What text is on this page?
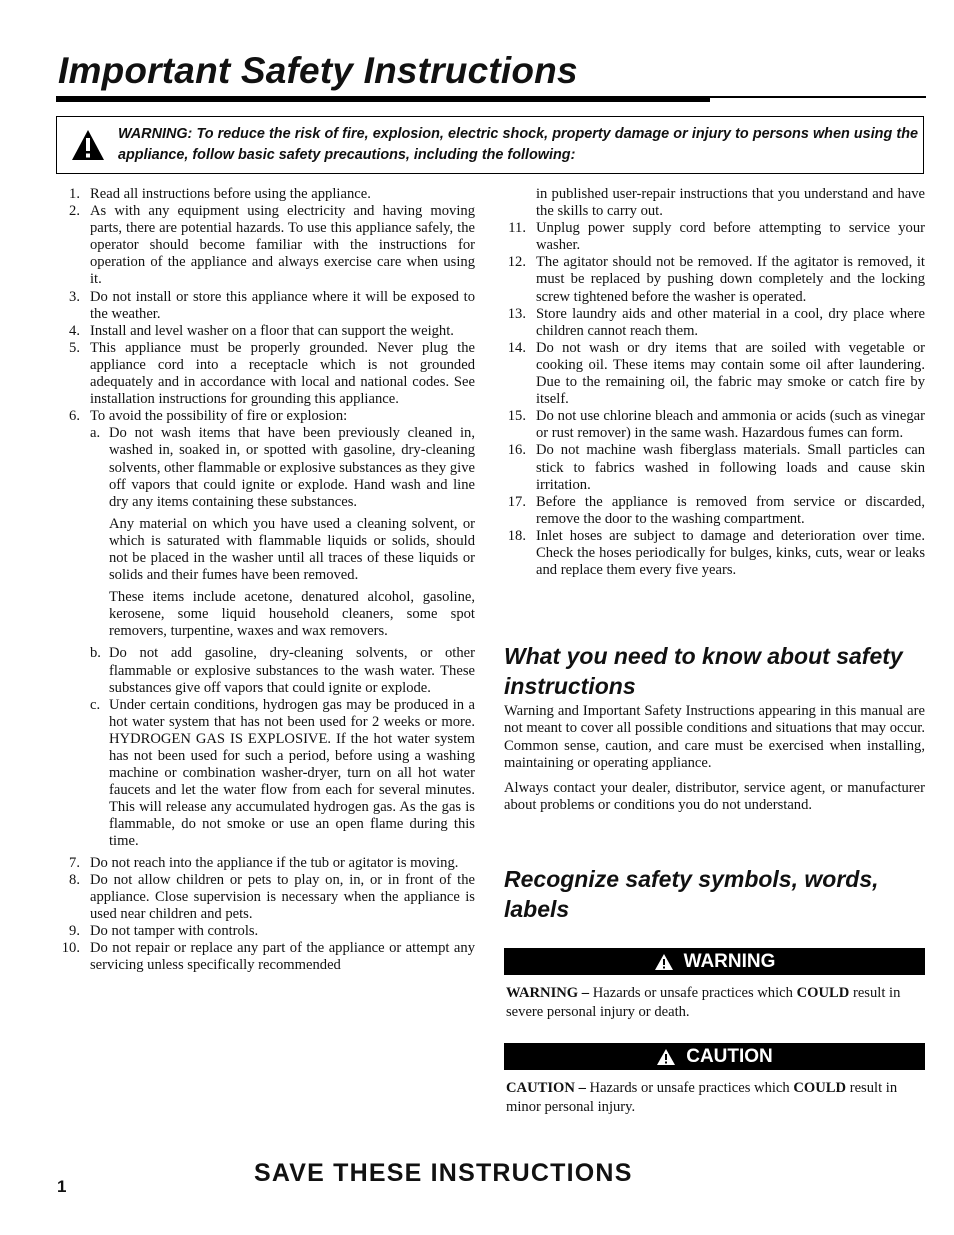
Important Safety Instructions
WARNING: To reduce the risk of fire, explosion, electric shock, property damage or injury to persons when using the appliance, follow basic safety precautions, including the following:
1. Read all instructions before using the appliance.
2. As with any equipment using electricity and having moving parts, there are potential hazards. To use this appliance safely, the operator should become familiar with the instructions for operation of the appliance and always exercise care when using it.
3. Do not install or store this appliance where it will be exposed to the weather.
4. Install and level washer on a floor that can support the weight.
5. This appliance must be properly grounded. Never plug the appliance cord into a receptacle which is not grounded adequately and in accordance with local and national codes. See installation instructions for grounding this appliance.
6. To avoid the possibility of fire or explosion:
a. Do not wash items that have been previously cleaned in, washed in, soaked in, or spotted with gasoline, dry-cleaning solvents, other flammable or explosive substances as they give off vapors that could ignite or explode. Hand wash and line dry any items containing these substances.
Any material on which you have used a cleaning solvent, or which is saturated with flammable liquids or solids, should not be placed in the washer until all traces of these liquids or solids and their fumes have been removed.
These items include acetone, denatured alcohol, gasoline, kerosene, some liquid household cleaners, some spot removers, turpentine, waxes and wax removers.
b. Do not add gasoline, dry-cleaning solvents, or other flammable or explosive substances to the wash water. These substances give off vapors that could ignite or explode.
c. Under certain conditions, hydrogen gas may be produced in a hot water system that has not been used for 2 weeks or more. HYDROGEN GAS IS EXPLOSIVE. If the hot water system has not been used for such a period, before using a washing machine or combination washer-dryer, turn on all hot water faucets and let the water flow from each for several minutes. This will release any accumulated hydrogen gas. As the gas is flammable, do not smoke or use an open flame during this time.
7. Do not reach into the appliance if the tub or agitator is moving.
8. Do not allow children or pets to play on, in, or in front of the appliance. Close supervision is necessary when the appliance is used near children and pets.
9. Do not tamper with controls.
10. Do not repair or replace any part of the appliance or attempt any servicing unless specifically recommended
in published user-repair instructions that you understand and have the skills to carry out.
11. Unplug power supply cord before attempting to service your washer.
12. The agitator should not be removed. If the agitator is removed, it must be replaced by pushing down completely and the locking screw tightened before the washer is operated.
13. Store laundry aids and other material in a cool, dry place where children cannot reach them.
14. Do not wash or dry items that are soiled with vegetable or cooking oil. These items may contain some oil after laundering. Due to the remaining oil, the fabric may smoke or catch fire by itself.
15. Do not use chlorine bleach and ammonia or acids (such as vinegar or rust remover) in the same wash. Hazardous fumes can form.
16. Do not machine wash fiberglass materials. Small particles can stick to fabrics washed in following loads and cause skin irritation.
17. Before the appliance is removed from service or discarded, remove the door to the washing compartment.
18. Inlet hoses are subject to damage and deterioration over time. Check the hoses periodically for bulges, kinks, cuts, wear or leaks and replace them every five years.
What you need to know about safety instructions

Warning and Important Safety Instructions appearing in this manual are not meant to cover all possible conditions and situations that may occur. Common sense, caution, and care must be exercised when installing, maintaining or operating appliance.

Always contact your dealer, distributor, service agent, or manufacturer about problems or conditions you do not understand.

Recognize safety symbols, words, labels
WARNING
WARNING – Hazards or unsafe practices which COULD result in severe personal injury or death.
CAUTION
CAUTION – Hazards or unsafe practices which COULD result in minor personal injury.
SAVE THESE INSTRUCTIONS
1
